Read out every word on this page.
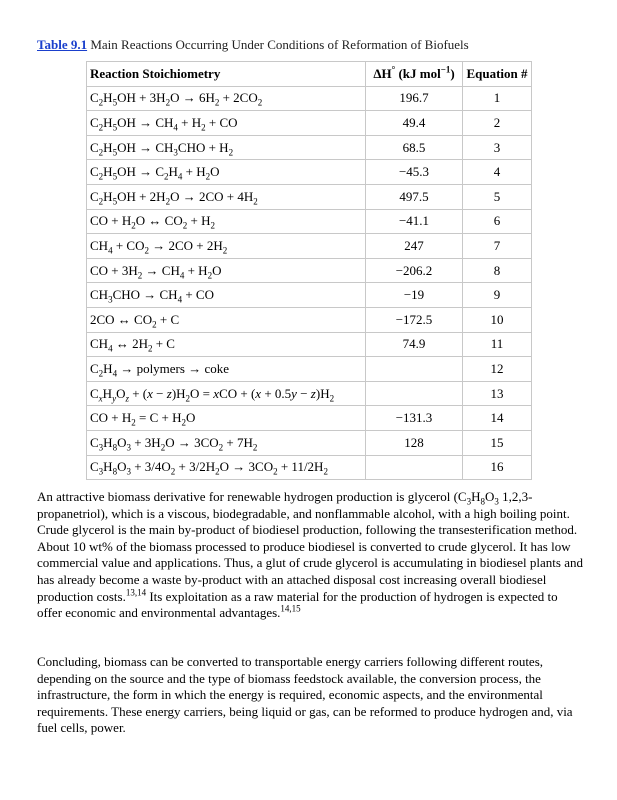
Table 9.1 Main Reactions Occurring Under Conditions of Reformation of Biofuels
Reaction Stoichiometry	ΔH° (kJ mol$^{-1}$)	Equation #
$C_2H_5OH + 3H_2O \to 6H_2 + 2CO_2$	196.7	1
$C_2H_5OH \to CH_4 + H_2$ + CO	49.4	2
$C_2H_5OH \to CH_3CHO + H_2$	68.5	3
$C_2H_5OH \to C_2H_4 + H_2O$	−45.3	4
$C_2H_5OH + 2H_2O \to 2CO + 4H_2$	497.5	5
CO + $H_2O$ ↔ $CO_2 + H_2$	−41.1	6
$CH_4 + CO_2 \to 2CO + 2H_2$	247	7
CO + $3H_2 \to CH_4 + H_2O$	−206.2	8
$CH_3CHO \to CH_4$ + CO	−19	9
2CO ↔ $CO_2 + C$	−172.5	10
$CH_4$ ↔ $2H_2 + C$	74.9	11
$C_2H_4$ → polymers → coke		12
$C_xH_yO_z + (x - z)H_2O$ = xCO + $(x + 0.5y - z)H_2$		13
CO + $H_2 = C + H_2O$	−131.3	14
$C_3H_8O_3 + 3H_2O \to 3CO_2 + 7H_2$	128	15
$C_3H_8O_3 + 3/4O_2 + 3/2H_2O \to 3CO_2 + 11/2H_2$		16

An attractive biomass derivative for renewable hydrogen production is glycerol ($C_3H_8O_3$ 1,2,3-propanetriol), which is a viscous, biodegradable, and nonflammable alcohol, with a high boiling point. Crude glycerol is the main by-product of biodiesel production, following the transesterification method. About 10 wt% of the biomass processed to produce biodiesel is converted to crude glycerol. It has low commercial value and applications. Thus, a glut of crude glycerol is accumulating in biodiesel plants and has already become a waste by-product with an attached disposal cost increasing overall biodiesel production costs.$^{13,14}$ Its exploitation as a raw material for the production of hydrogen is expected to offer economic and environmental advantages.$^{14,15}$

Concluding, biomass can be converted to transportable energy carriers following different routes, depending on the source and the type of biomass feedstock available, the conversion process, the infrastructure, the form in which the energy is required, economic aspects, and the environmental requirements. These energy carriers, being liquid or gas, can be reformed to produce hydrogen and, via fuel cells, power.
